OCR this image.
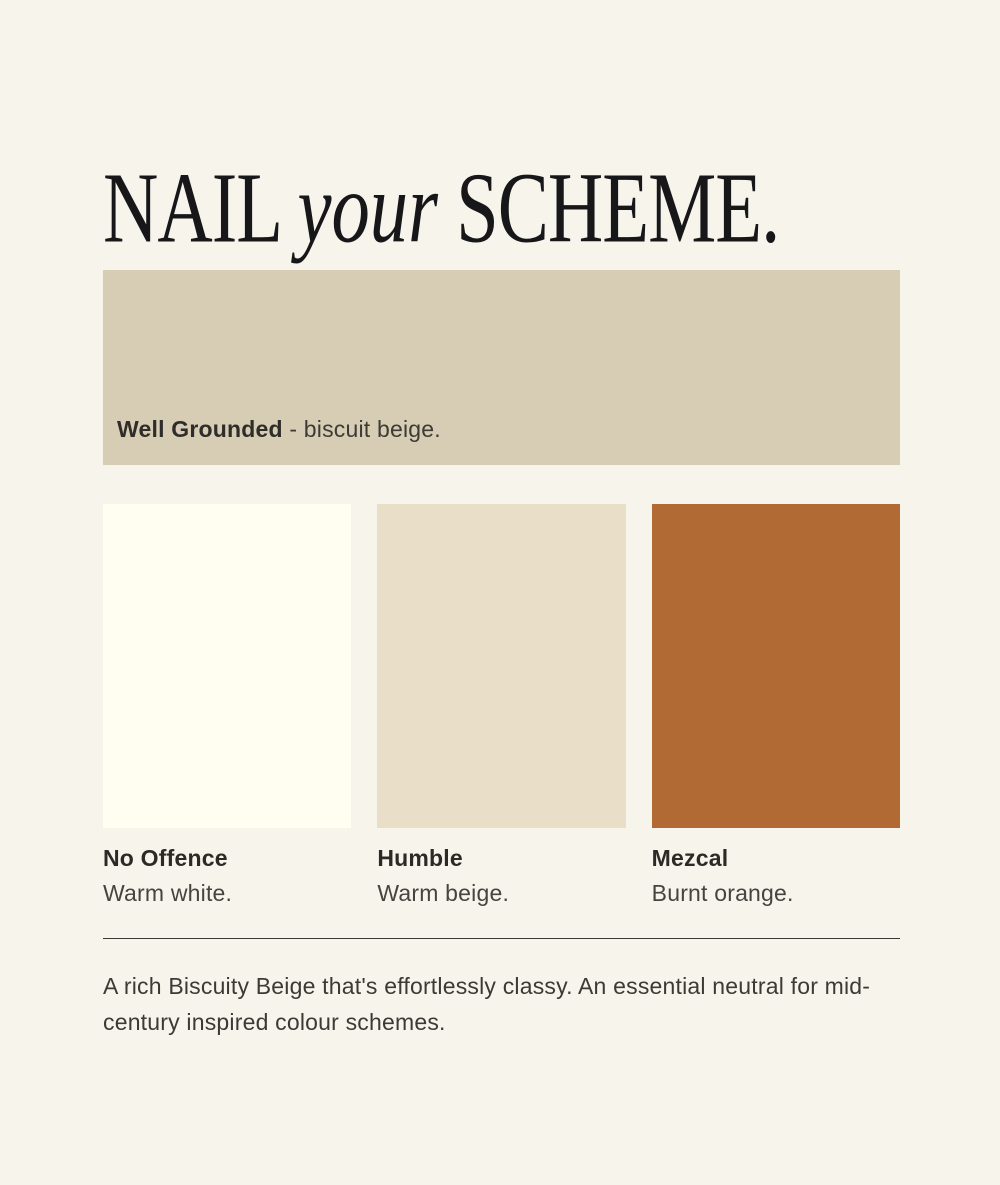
NAIL your SCHEME.
Well Grounded - biscuit beige.
No Offence
Warm white.
Humble
Warm beige.
Mezcal
Burnt orange.

A rich Biscuity Beige that's effortlessly classy. An essential neutral for mid-century inspired colour schemes.
